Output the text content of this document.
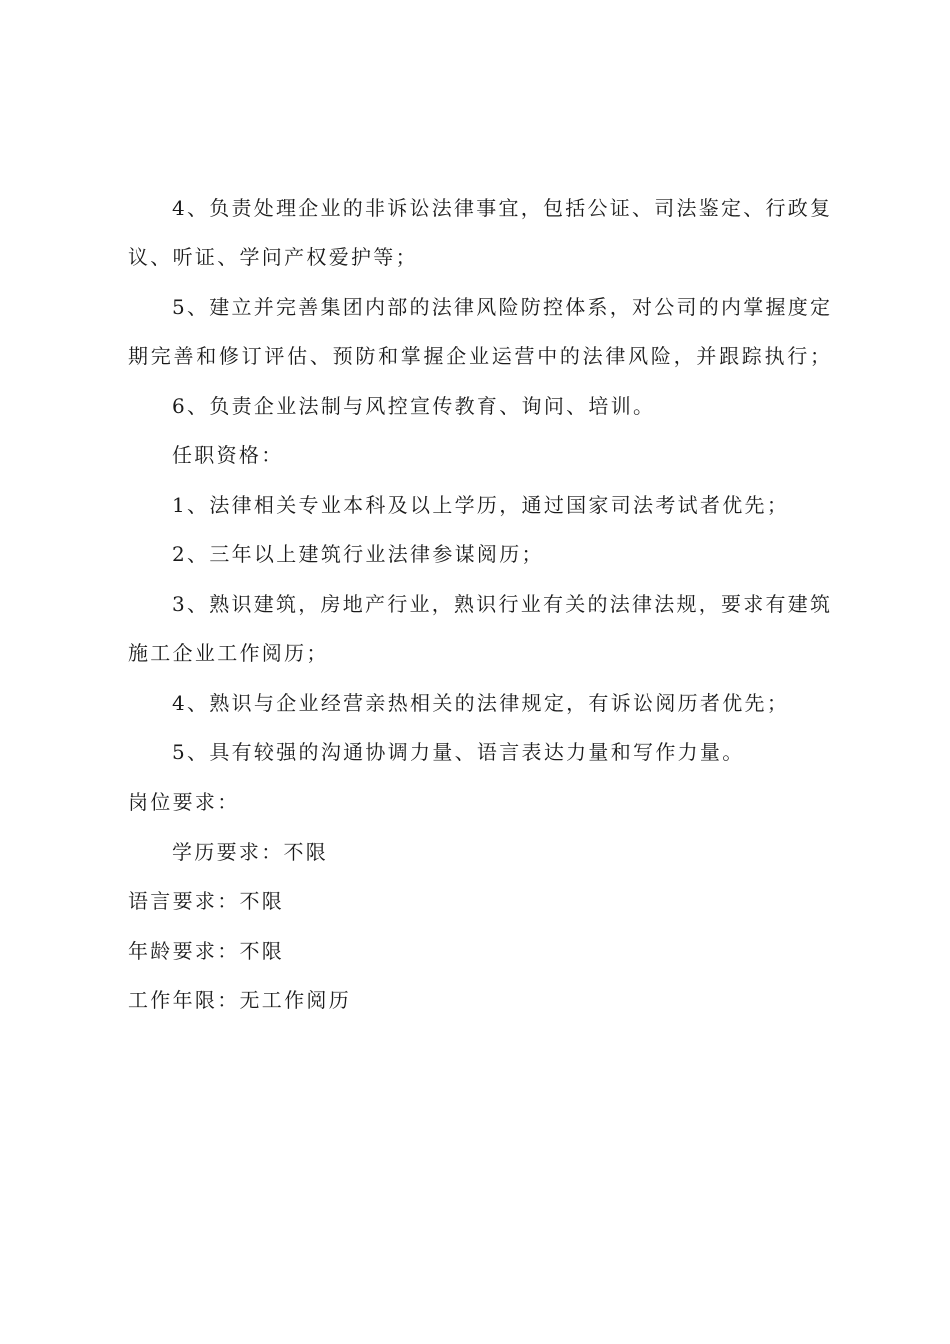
4、负责处理企业的非诉讼法律事宜，包括公证、司法鉴定、行政复
议、听证、学问产权爱护等；
5、建立并完善集团内部的法律风险防控体系，对公司的内掌握度定
期完善和修订评估、预防和掌握企业运营中的法律风险，并跟踪执行；
6、负责企业法制与风控宣传教育、询问、培训。
任职资格：
1、法律相关专业本科及以上学历，通过国家司法考试者优先；
2、三年以上建筑行业法律参谋阅历；
3、熟识建筑，房地产行业，熟识行业有关的法律法规，要求有建筑
施工企业工作阅历；
4、熟识与企业经营亲热相关的法律规定，有诉讼阅历者优先；
5、具有较强的沟通协调力量、语言表达力量和写作力量。
岗位要求：
学历要求：不限
语言要求：不限
年龄要求：不限
工作年限：无工作阅历
